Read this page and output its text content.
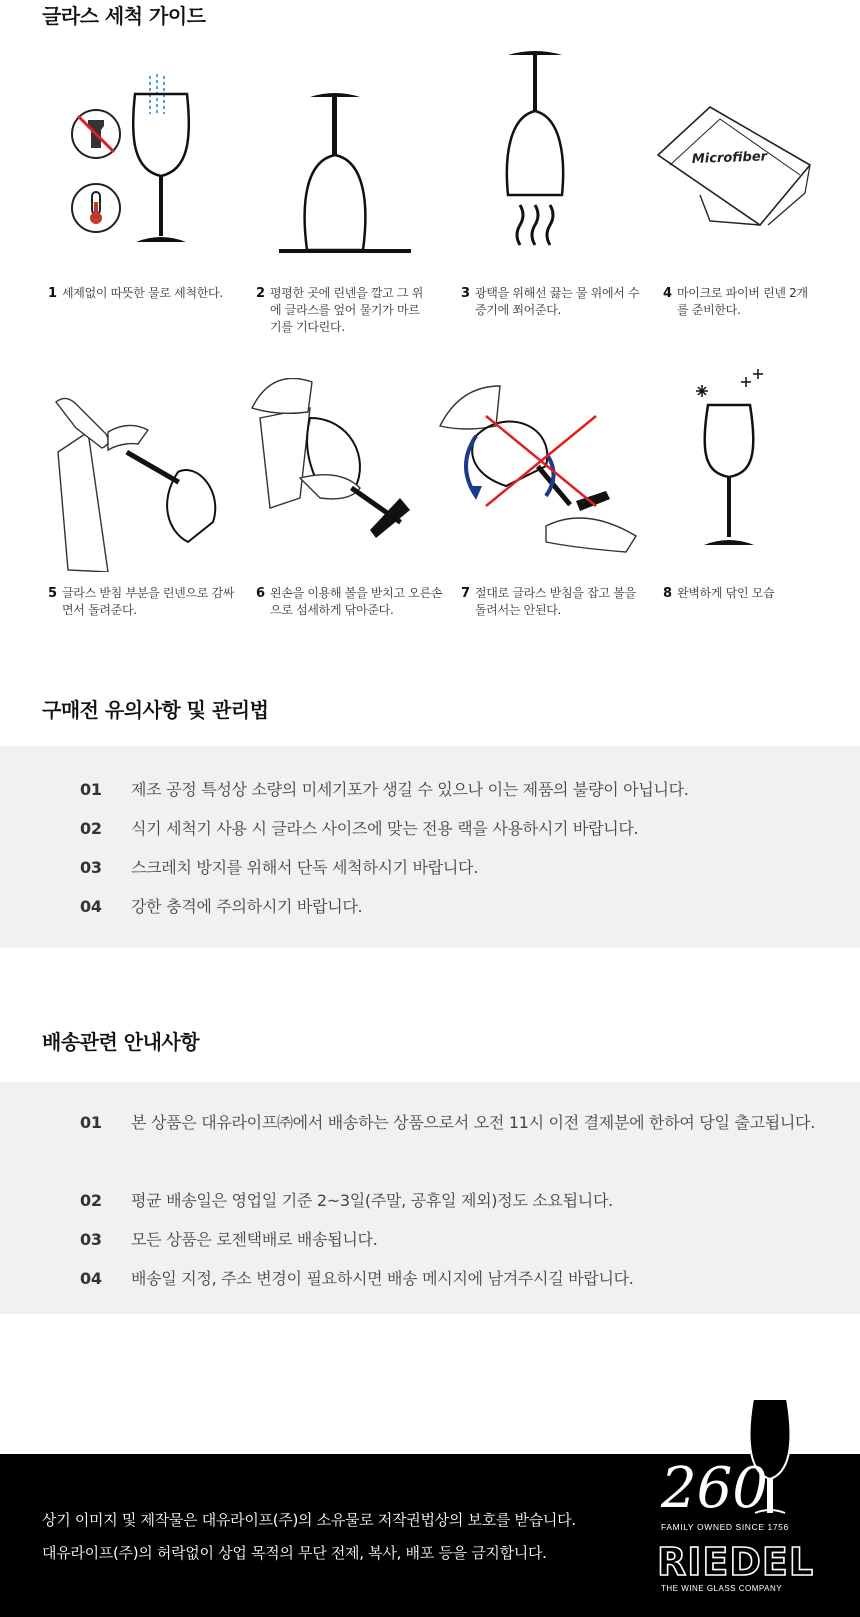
글라스 세척 가이드
Microfiber
1 세제없이 따뜻한 물로 세척한다.	2 평평한 곳에 린넨을 깔고 그 위에 글라스를 엎어 물기가 마르기를 기다린다.
3 광택을 위해선 끓는 물 위에서 수증기에 쬐어준다.
4 마이크로 파이버 린넨 2개를 준비한다.
5 글라스 받침 부분을 린넨으로 감싸면서 돌려준다.
6 왼손을 이용해 볼을 받치고 오른손으로 섬세하게 닦아준다.
7 절대로 글라스 받침을 잡고 볼을 돌려서는 안된다.
8 완벽하게 닦인 모습
구매전 유의사항 및 관리법
01	제조 공정 특성상 소량의 미세기포가 생길 수 있으나 이는 제품의 불량이 아닙니다.
02	식기 세척기 사용 시 글라스 사이즈에 맞는 전용 랙을 사용하시기 바랍니다.
03	스크레치 방지를 위해서 단독 세척하시기 바랍니다.
04	강한 충격에 주의하시기 바랍니다.
배송관련 안내사항
01	본 상품은 대유라이프㈜에서 배송하는 상품으로서 오전 11시 이전 결제분에 한하여 당일 출고됩니다.
02	평균 배송일은 영업일 기준 2~3일(주말, 공휴일 제외)정도 소요됩니다.
03	모든 상품은 로젠택배로 배송됩니다.
04	배송일 지정, 주소 변경이 필요하시면 배송 메시지에 남겨주시길 바랍니다.
상기 이미지 및 제작물은 대유라이프(주)의 소유물로 저작권법상의 보호를 받습니다.
대유라이프(주)의 허락없이 상업 목적의 무단 전제, 복사, 배포 등을 금지합니다.
260
FAMILY OWNED SINCE 1756
RIEDEL
THE WINE GLASS COMPANY
